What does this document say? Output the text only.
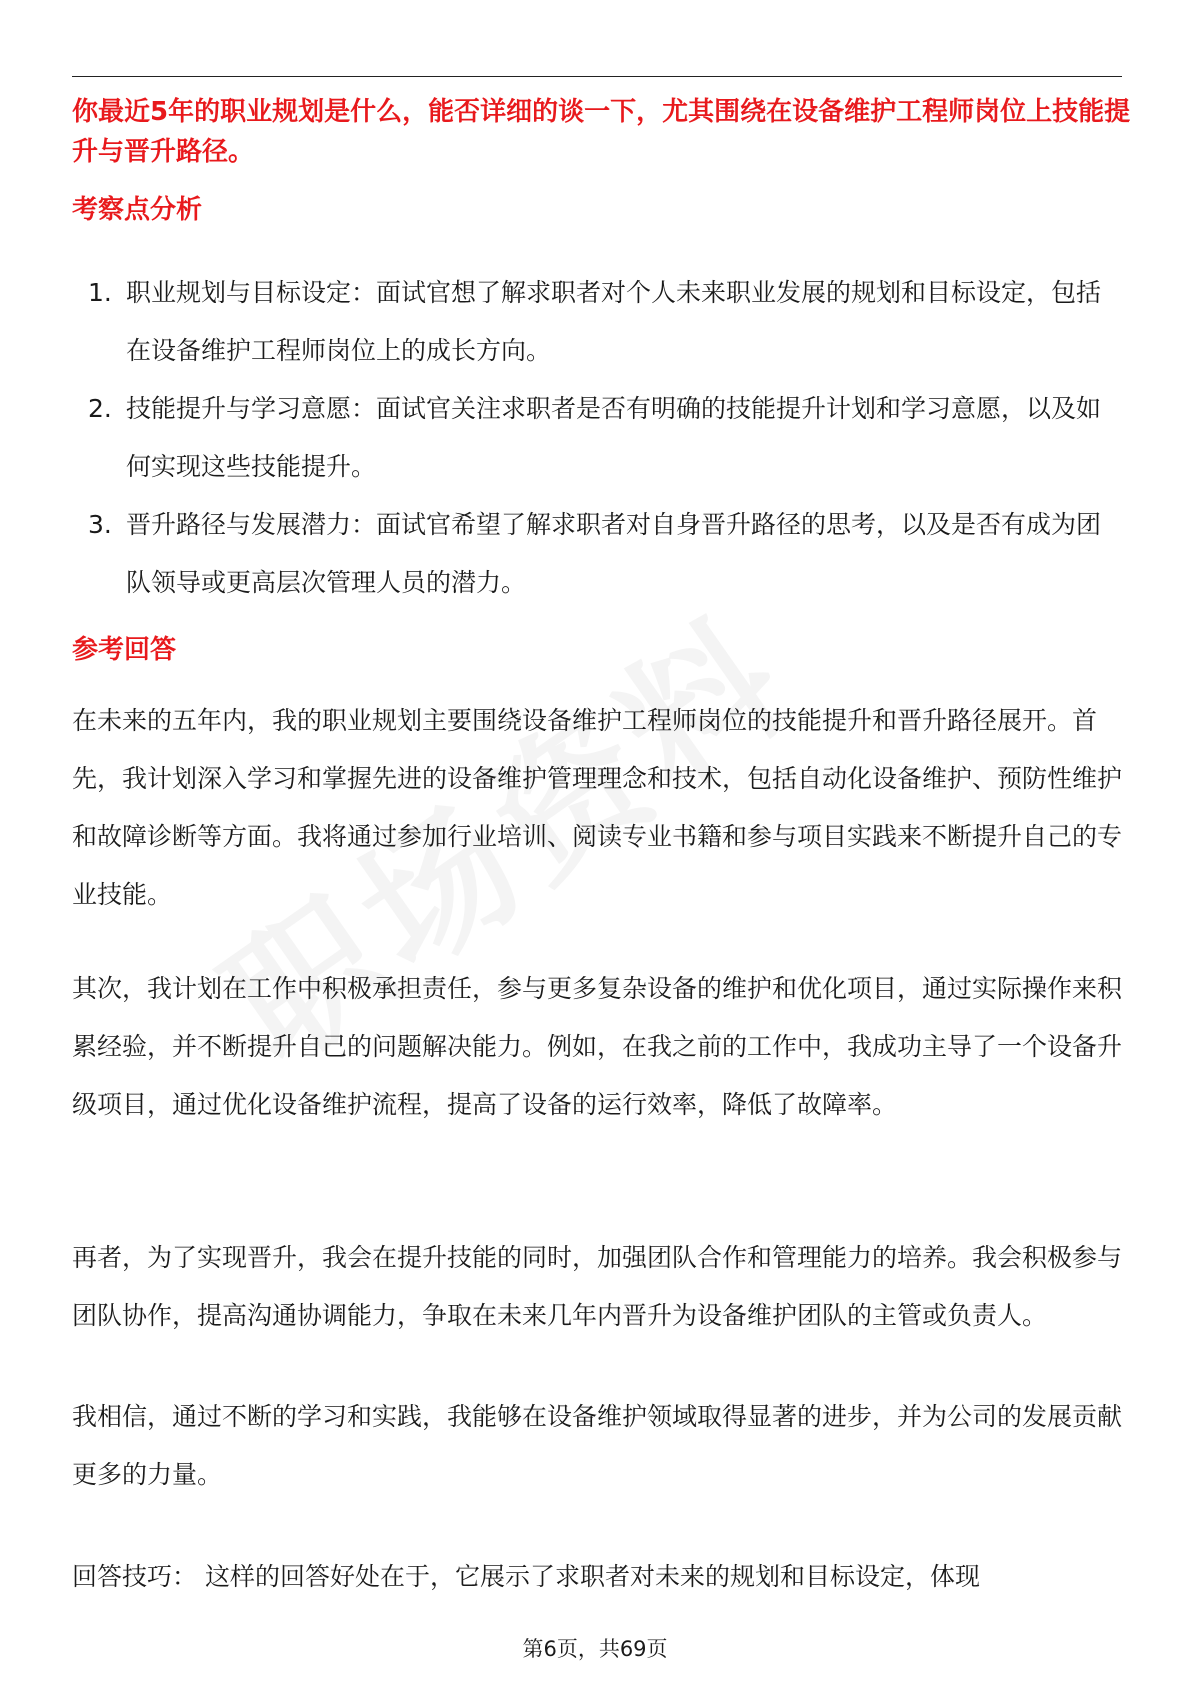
你最近5年的职业规划是什么，能否详细的谈一下，尤其围绕在设备维护工程师岗位上技能提升与晋升路径。

考察点分析
1. 职业规划与目标设定：面试官想了解求职者对个人未来职业发展的规划和目标设定，包括在设备维护工程师岗位上的成长方向。
2. 技能提升与学习意愿：面试官关注求职者是否有明确的技能提升计划和学习意愿，以及如何实现这些技能提升。
3. 晋升路径与发展潜力：面试官希望了解求职者对自身晋升路径的思考，以及是否有成为团队领导或更高层次管理人员的潜力。
参考回答

在未来的五年内，我的职业规划主要围绕设备维护工程师岗位的技能提升和晋升路径展开。首先，我计划深入学习和掌握先进的设备维护管理理念和技术，包括自动化设备维护、预防性维护和故障诊断等方面。我将通过参加行业培训、阅读专业书籍和参与项目实践来不断提升自己的专业技能。

其次，我计划在工作中积极承担责任，参与更多复杂设备的维护和优化项目，通过实际操作来积累经验，并不断提升自己的问题解决能力。例如，在我之前的工作中，我成功主导了一个设备升级项目，通过优化设备维护流程，提高了设备的运行效率，降低了故障率。

再者，为了实现晋升，我会在提升技能的同时，加强团队合作和管理能力的培养。我会积极参与团队协作，提高沟通协调能力，争取在未来几年内晋升为设备维护团队的主管或负责人。

我相信，通过不断的学习和实践，我能够在设备维护领域取得显著的进步，并为公司的发展贡献更多的力量。

回答技巧： 这样的回答好处在于，它展示了求职者对未来的规划和目标设定，体现

第6页，共69页
